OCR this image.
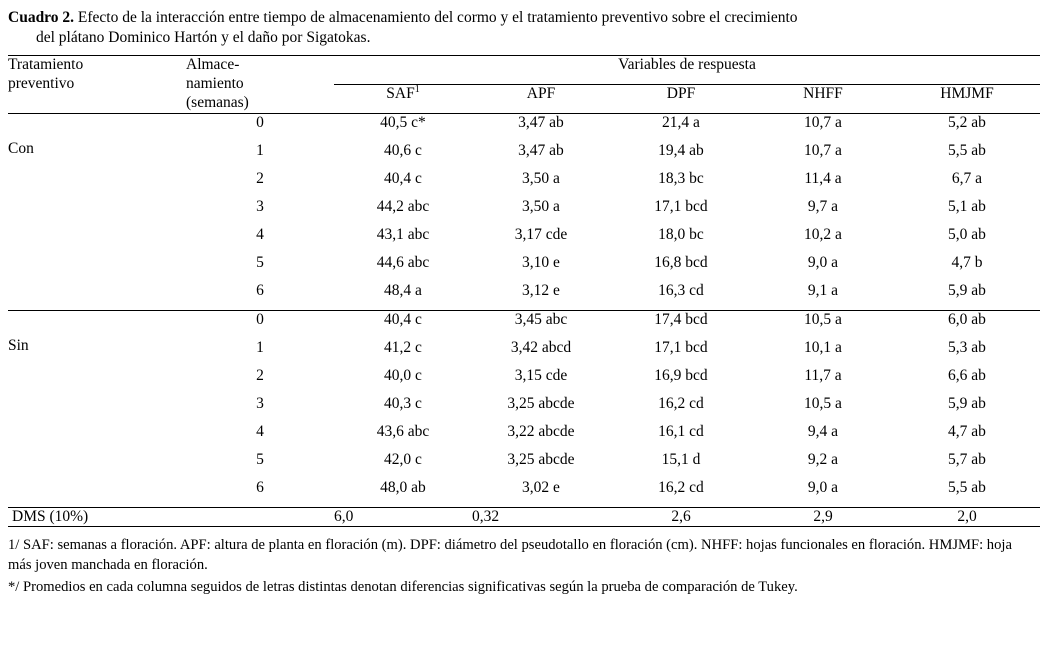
Cuadro 2. Efecto de la interacción entre tiempo de almacenamiento del cormo y el tratamiento preventivo sobre el crecimiento
del plátano Dominico Hartón y el daño por Sigatokas.
Tratamiento
preventivo

Almace-
namiento
(semanas)
	Variables de respuesta
		SAF$^1$	APF	DPF	NHFF	HMJMF

Con	0	40,5 c*	3,47 ab	21,4 a	10,7 a	5,2 ab
	1	40,6 c	3,47 ab	19,4 ab	10,7 a	5,5 ab
	2	40,4 c	3,50 a	18,3 bc	11,4 a	6,7 a
	3	44,2 abc	3,50 a	17,1 bcd	9,7 a	5,1 ab
	4	43,1 abc	3,17 cde	18,0 bc	10,2 a	5,0 ab
	5	44,6 abc	3,10 e	16,8 bcd	9,0 a	4,7 b
	6	48,4 a	3,12 e	16,3 cd	9,1 a	5,9 ab

Sin	0	40,4 c	3,45 abc	17,4 bcd	10,5 a	6,0 ab
	1	41,2 c	3,42 abcd	17,1 bcd	10,1 a	5,3 ab
	2	40,0 c	3,15 cde	16,9 bcd	11,7 a	6,6 ab
	3	40,3 c	3,25 abcde	16,2 cd	10,5 a	5,9 ab
	4	43,6 abc	3,22 abcde	16,1 cd	9,4 a	4,7 ab
	5	42,0 c	3,25 abcde	15,1 d	9,2 a	5,7 ab
	6	48,0 ab	3,02 e	16,2 cd	9,0 a	5,5 ab
DMS (10%)		6,0	0,32	2,6	2,9	2,0

1/ SAF: semanas a floración. APF: altura de planta en floración (m). DPF: diámetro del pseudotallo en floración (cm). NHFF: hojas funcionales en floración. HMJMF: hoja más joven manchada en floración.

*/ Promedios en cada columna seguidos de letras distintas denotan diferencias significativas según la prueba de comparación de Tukey.
